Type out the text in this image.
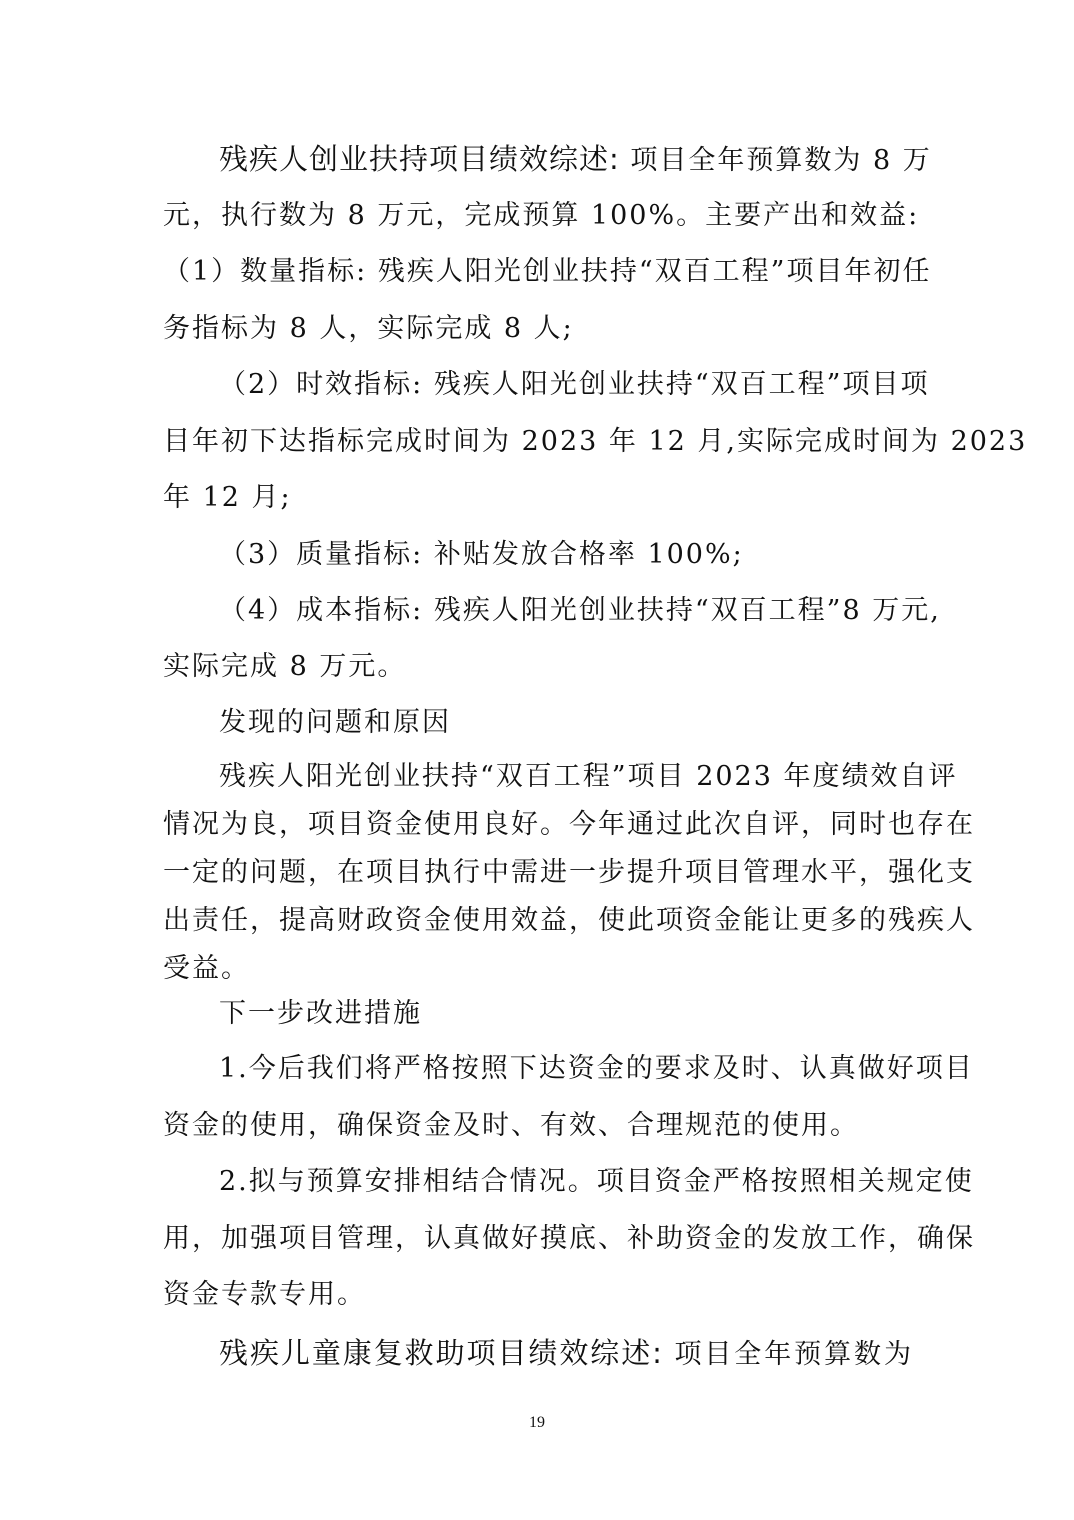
残疾人创业扶持项目绩效综述: 项目全年预算数为 8 万
元，执行数为 8 万元，完成预算 100%。主要产出和效益:
（1）数量指标: 残疾人阳光创业扶持“双百工程”项目年初任
务指标为 8 人，实际完成 8 人;
（2）时效指标: 残疾人阳光创业扶持“双百工程”项目项
目年初下达指标完成时间为 2023 年 12 月,实际完成时间为 2023
年 12 月;
（3）质量指标: 补贴发放合格率 100%;
（4）成本指标: 残疾人阳光创业扶持“双百工程”8 万元,
实际完成 8 万元。
发现的问题和原因
残疾人阳光创业扶持“双百工程”项目 2023 年度绩效自评
情况为良，项目资金使用良好。今年通过此次自评，同时也存在
一定的问题，在项目执行中需进一步提升项目管理水平，强化支
出责任，提高财政资金使用效益，使此项资金能让更多的残疾人
受益。
下一步改进措施
1.今后我们将严格按照下达资金的要求及时、认真做好项目
资金的使用，确保资金及时、有效、合理规范的使用。
2.拟与预算安排相结合情况。项目资金严格按照相关规定使
用，加强项目管理，认真做好摸底、补助资金的发放工作，确保
资金专款专用。
残疾儿童康复救助项目绩效综述: 项目全年预算数为
19
